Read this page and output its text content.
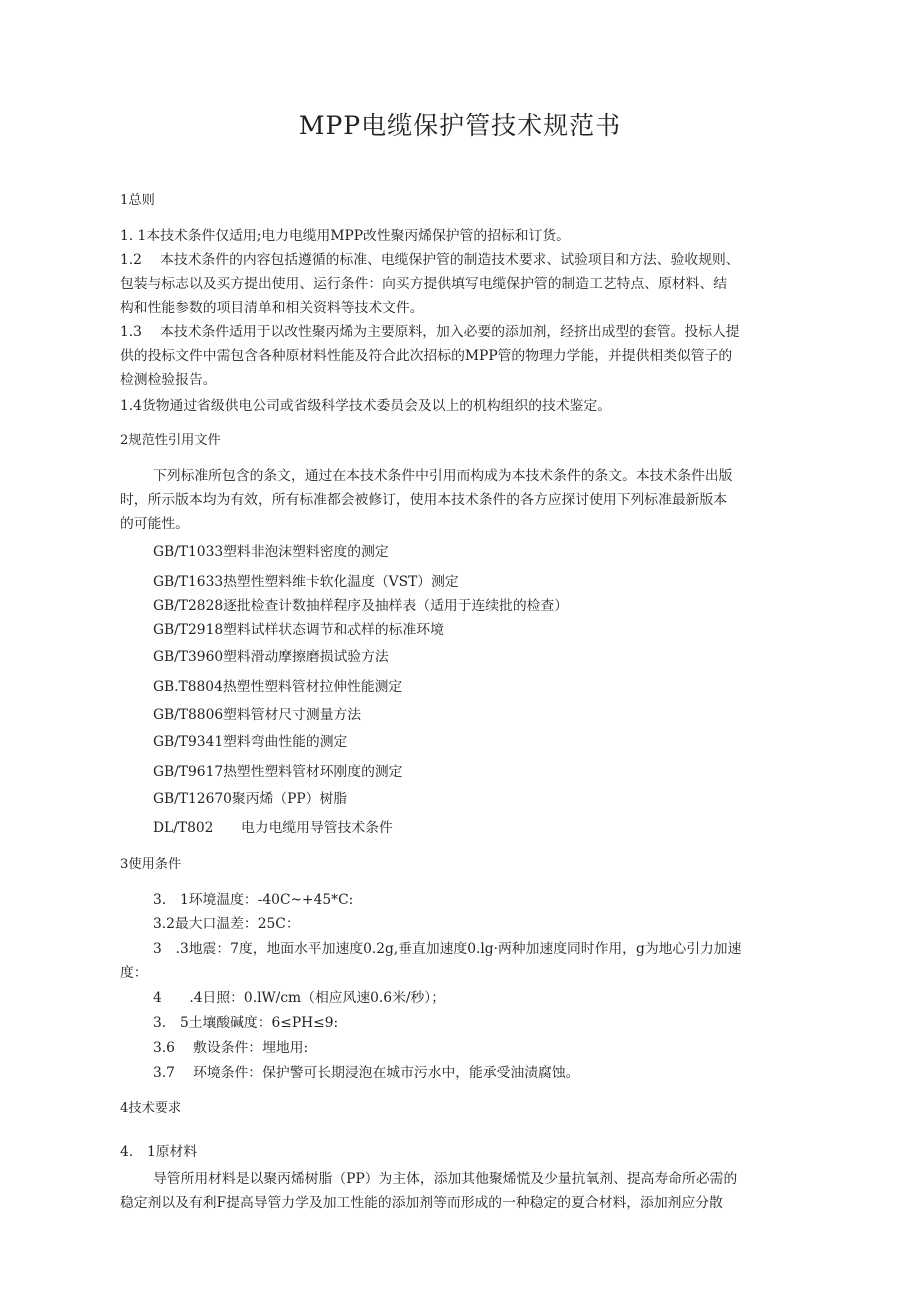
MPP电缆保护管技术规范书
1总则
1. 1本技术条件仅适用;电力电缆用MPP改性聚丙烯保护管的招标和订货。
1.2　 本技术条件的内容包括遵循的标准、电缆保护管的制造技术要求、试验项目和方法、验收规则、
包装与标志以及买方提出使用、运行条件：向买方提供填写电缆保护管的制造工艺特点、原材料、结
构和性能参数的项目清单和相关资料等技术文件。
1.3　 本技术条件适用于以改性聚丙烯为主要原料，加入必要的添加剂，经挤出成型的套管。投标人提
供的投标文件中需包含各种原材料性能及符合此次招标的MPP管的物理力学能，并提供相类似管子的
检测检验报告。
1.4货物通过省级供电公司或省级科学技术委员会及以上的机构组织的技术鉴定。
2规范性引用文件
下列标准所包含的条文，通过在本技术条件中引用而构成为本技术条件的条文。本技术条件出版
时，所示版本均为有效，所有标准都会被修订，使用本技术条件的各方应探讨使用下列标准最新版本
的可能性。
GB/T1033塑料非泡沫塑料密度的测定
GB/T1633热塑性塑料维卡软化温度（VST）测定
GB/T2828逐批检查计数抽样程序及抽样表（适用于连续批的检查）
GB/T2918塑料试样状态调节和忒样的标准环境
GB/T3960塑料滑动摩擦磨损试验方法
GB.T8804热塑性塑料管材拉伸性能测定
GB/T8806塑料管材尺寸测量方法
GB/T9341塑料弯曲性能的测定
GB/T9617热塑性塑料管材环刚度的测定
GB/T12670聚丙烯（PP）树脂
DL/T802 电力电缆用导管技术条件
3使用条件
3.　1环境温度：-40C~+45*C:
3.2最大口温差：25C：
3　.3地震：7度，地面水平加速度0.2g,垂直加速度0.lg·两种加速度同时作用，g为地心引力加速
度：
4　　.4日照：0.lW/cm（相应风速0.6米/秒）；
3.　5土壤酸碱度：6≤PH≤9:
3.6　 敷设条件：埋地用:
3.7　 环境条件：保护警可长期浸泡在城市污水中，能承受油渍腐蚀。
4技术要求
4.　1原材料
导管所用材料是以聚丙烯树脂（PP）为主体，添加其他聚烯慌及少量抗氧剂、提高寿命所必需的
稳定剂以及有利F提高导管力学及加工性能的添加剂等而形成的一种稳定的夏合材料，添加剂应分散
